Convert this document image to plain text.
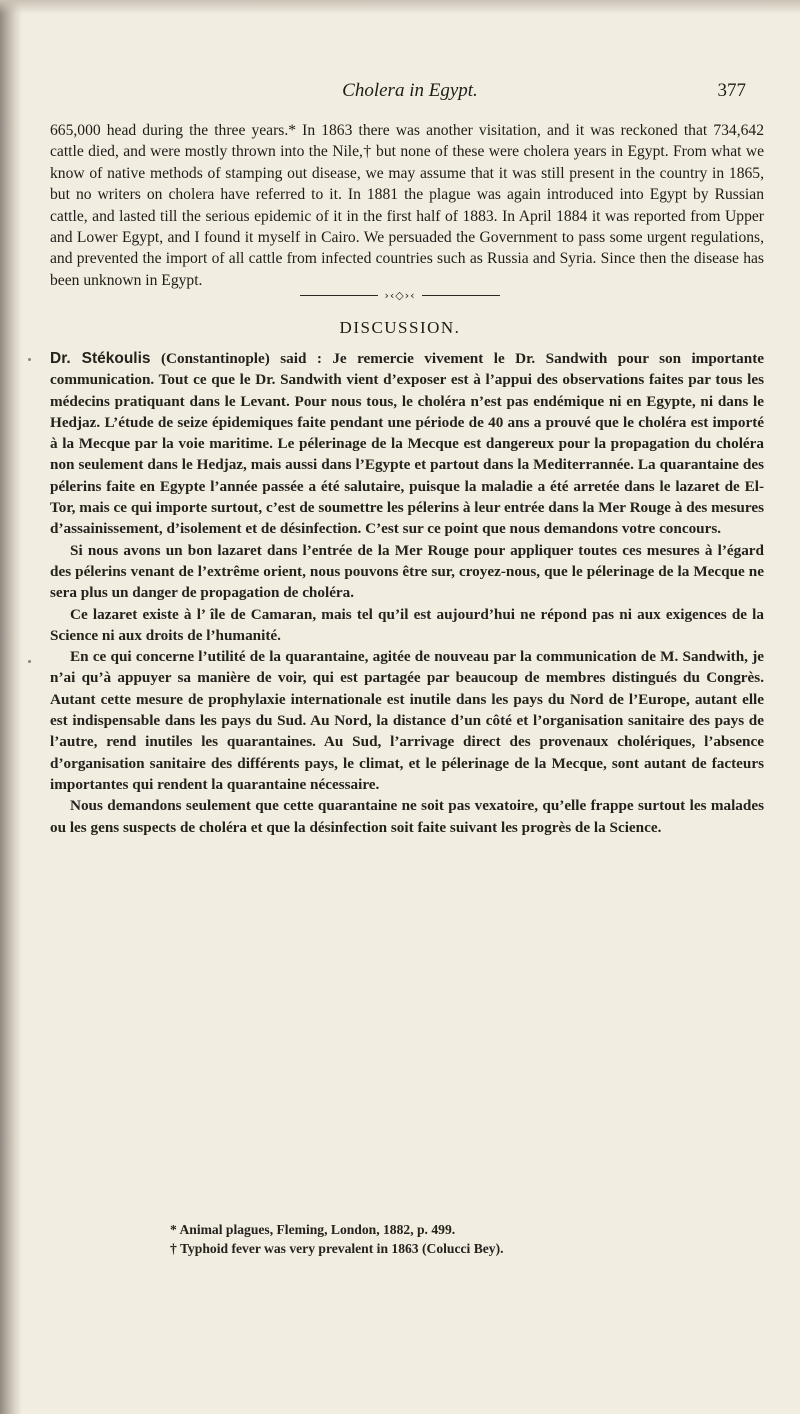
Cholera in Egypt.	377
665,000 head during the three years.* In 1863 there was another visitation, and it was reckoned that 734,642 cattle died, and were mostly thrown into the Nile,† but none of these were cholera years in Egypt. From what we know of native methods of stamping out disease, we may assume that it was still present in the country in 1865, but no writers on cholera have referred to it. In 1881 the plague was again introduced into Egypt by Russian cattle, and lasted till the serious epidemic of it in the first half of 1883. In April 1884 it was reported from Upper and Lower Egypt, and I found it myself in Cairo. We persuaded the Government to pass some urgent regulations, and prevented the import of all cattle from infected countries such as Russia and Syria. Since then the disease has been unknown in Egypt.
›‹◇›‹
DISCUSSION.

Dr. Stékoulis (Constantinople) said : Je remercie vivement le Dr. Sandwith pour son importante communication. Tout ce que le Dr. Sandwith vient d’exposer est à l’appui des observations faites par tous les médecins pratiquant dans le Levant. Pour nous tous, le choléra n’est pas endémique ni en Egypte, ni dans le Hedjaz. L’étude de seize épidemiques faite pendant une période de 40 ans a prouvé que le choléra est importé à la Mecque par la voie maritime. Le pélerinage de la Mecque est dangereux pour la propagation du choléra non seulement dans le Hedjaz, mais aussi dans l’Egypte et partout dans la Mediterrannée. La quarantaine des pélerins faite en Egypte l’année passée a été salutaire, puisque la maladie a été arretée dans le lazaret de El-Tor, mais ce qui importe surtout, c’est de soumettre les pélerins à leur entrée dans la Mer Rouge à des mesures d’assainissement, d’isolement et de désinfection. C’est sur ce point que nous demandons votre concours.

Si nous avons un bon lazaret dans l’entrée de la Mer Rouge pour appliquer toutes ces mesures à l’égard des pélerins venant de l’extrême orient, nous pouvons être sur, croyez-nous, que le pélerinage de la Mecque ne sera plus un danger de propagation de choléra.

Ce lazaret existe à l’ île de Camaran, mais tel qu’il est aujourd’hui ne répond pas ni aux exigences de la Science ni aux droits de l’humanité.

En ce qui concerne l’utilité de la quarantaine, agitée de nouveau par la communication de M. Sandwith, je n’ai qu’à appuyer sa manière de voir, qui est partagée par beaucoup de membres distingués du Congrès. Autant cette mesure de prophylaxie internationale est inutile dans les pays du Nord de l’Europe, autant elle est indispensable dans les pays du Sud. Au Nord, la distance d’un côté et l’organisation sanitaire des pays de l’autre, rend inutiles les quarantaines. Au Sud, l’arrivage direct des provenaux cholériques, l’absence d’organisation sanitaire des différents pays, le climat, et le pélerinage de la Mecque, sont autant de facteurs importantes qui rendent la quarantaine nécessaire.

Nous demandons seulement que cette quarantaine ne soit pas vexatoire, qu’elle frappe surtout les malades ou les gens suspects de choléra et que la désinfection soit faite suivant les progrès de la Science.

* Animal plagues, Fleming, London, 1882, p. 499.
† Typhoid fever was very prevalent in 1863 (Colucci Bey).
